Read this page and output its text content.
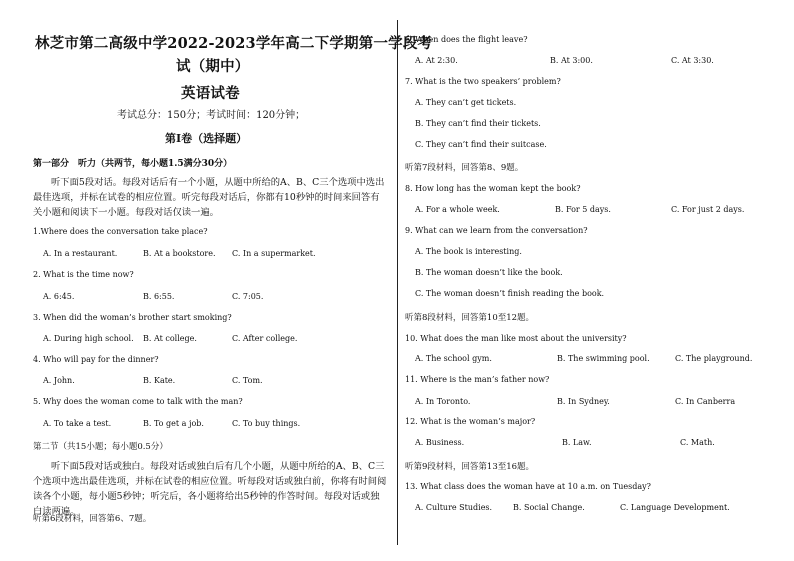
林芝市第二高级中学2022-2023学年高二下学期第一学段考
试（期中）
英语试卷
考试总分：150分；考试时间：120分钟；
第I卷（选择题）
第一部分　听力（共两节，每小题1.5满分30分）
听下面5段对话。每段对话后有一个小题，从题中所给的A、B、C三个选项中选出最佳选项，并标在试卷的相应位置。听完每段对话后，你都有10秒钟的时间来回答有关小题和阅读下一小题。每段对话仅读一遍。
1.Where does the conversation take place?
A. In a restaurant.	B. At a bookstore. C. In a supermarket.
2. What is the time now?
A. 6:45.	B. 6:55.	C. 7:05.
3. When did the woman’s brother start smoking?
A. During high school. B. At college.	C. After college.
4. Who will pay for the dinner?
A. John.	B. Kate.	C. Tom.
5. Why does the woman come to talk with the man?
A. To take a test.	B. To get a job.	C. To buy things.
第二节（共15小题；每小题0.5分）
听下面5段对话或独白。每段对话或独白后有几个小题，从题中所给的A、B、C三个选项中选出最佳选项，并标在试卷的相应位置。听每段对话或独白前，你将有时间阅读各个小题，每小题5秒钟；听完后，各小题将给出5秒钟的作答时间。每段对话或独白读两遍。
听第6段材料，回答第6、7题。
6. When does the flight leave?
A. At 2:30.	B. At 3:00.	C. At 3:30.
7. What is the two speakers’ problem?
A. They can’t get tickets.
B. They can’t find their tickets.
C. They can’t find their suitcase.
听第7段材料，回答第8、9题。
8. How long has the woman kept the book?
A. For a whole week.	B. For 5 days.	C. For just 2 days.
9. What can we learn from the conversation?
A. The book is interesting.
B. The woman doesn’t like the book.
C. The woman doesn’t finish reading the book.
听第8段材料，回答第10至12题。
10. What does the man like most about the university?
A. The school gym.	B. The swimming pool.	C. The playground.
11. Where is the man’s father now?
A. In Toronto.	B. In Sydney.	C. In Canberra
12. What is the woman’s major?
A. Business.	B. Law.	C. Math.
听第9段材料，回答第13至16题。
13. What class does the woman have at 10 a.m. on Tuesday?
A. Culture Studies.	B. Social Change.	C. Language Development.
